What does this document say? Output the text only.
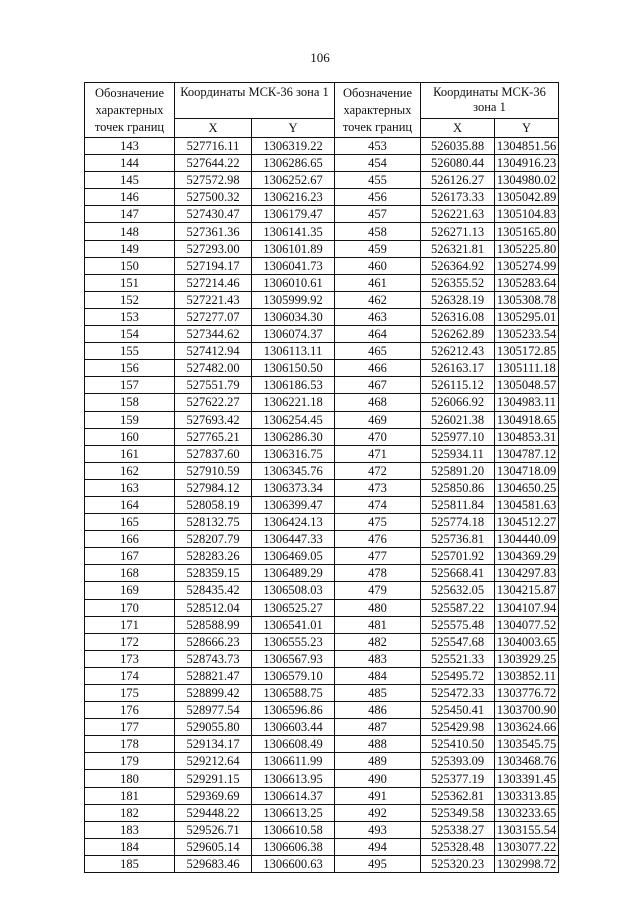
106
Обозначение характерных точек границ	Координаты МСК-36 зона 1		Обозначение характерных точек границ	Координаты МСК-36 зона 1	
	X	Y		X	Y
143	527716.11	1306319.22	453	526035.88	1304851.56
144	527644.22	1306286.65	454	526080.44	1304916.23
145	527572.98	1306252.67	455	526126.27	1304980.02
146	527500.32	1306216.23	456	526173.33	1305042.89
147	527430.47	1306179.47	457	526221.63	1305104.83
148	527361.36	1306141.35	458	526271.13	1305165.80
149	527293.00	1306101.89	459	526321.81	1305225.80
150	527194.17	1306041.73	460	526364.92	1305274.99
151	527214.46	1306010.61	461	526355.52	1305283.64
152	527221.43	1305999.92	462	526328.19	1305308.78
153	527277.07	1306034.30	463	526316.08	1305295.01
154	527344.62	1306074.37	464	526262.89	1305233.54
155	527412.94	1306113.11	465	526212.43	1305172.85
156	527482.00	1306150.50	466	526163.17	1305111.18
157	527551.79	1306186.53	467	526115.12	1305048.57
158	527622.27	1306221.18	468	526066.92	1304983.11
159	527693.42	1306254.45	469	526021.38	1304918.65
160	527765.21	1306286.30	470	525977.10	1304853.31
161	527837.60	1306316.75	471	525934.11	1304787.12
162	527910.59	1306345.76	472	525891.20	1304718.09
163	527984.12	1306373.34	473	525850.86	1304650.25
164	528058.19	1306399.47	474	525811.84	1304581.63
165	528132.75	1306424.13	475	525774.18	1304512.27
166	528207.79	1306447.33	476	525736.81	1304440.09
167	528283.26	1306469.05	477	525701.92	1304369.29
168	528359.15	1306489.29	478	525668.41	1304297.83
169	528435.42	1306508.03	479	525632.05	1304215.87
170	528512.04	1306525.27	480	525587.22	1304107.94
171	528588.99	1306541.01	481	525575.48	1304077.52
172	528666.23	1306555.23	482	525547.68	1304003.65
173	528743.73	1306567.93	483	525521.33	1303929.25
174	528821.47	1306579.10	484	525495.72	1303852.11
175	528899.42	1306588.75	485	525472.33	1303776.72
176	528977.54	1306596.86	486	525450.41	1303700.90
177	529055.80	1306603.44	487	525429.98	1303624.66
178	529134.17	1306608.49	488	525410.50	1303545.75
179	529212.64	1306611.99	489	525393.09	1303468.76
180	529291.15	1306613.95	490	525377.19	1303391.45
181	529369.69	1306614.37	491	525362.81	1303313.85
182	529448.22	1306613.25	492	525349.58	1303233.65
183	529526.71	1306610.58	493	525338.27	1303155.54
184	529605.14	1306606.38	494	525328.48	1303077.22
185	529683.46	1306600.63	495	525320.23	1302998.72
